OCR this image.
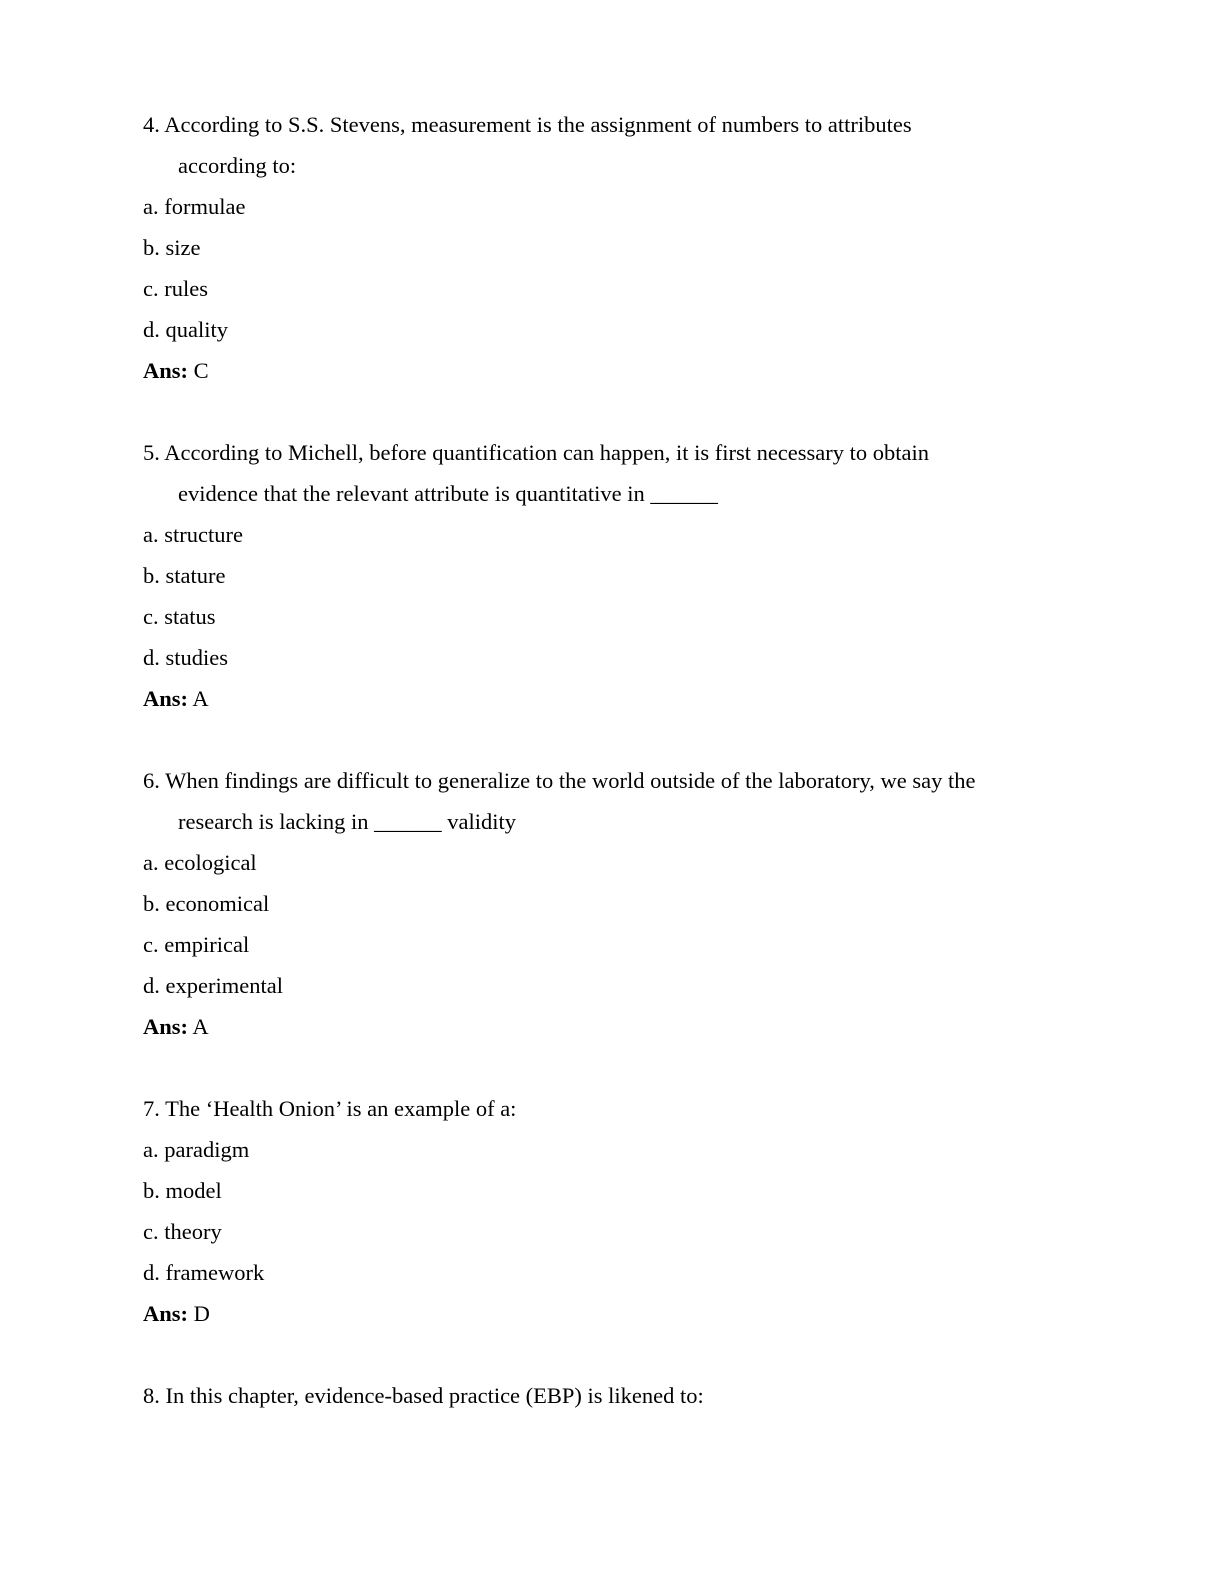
4. According to S.S. Stevens, measurement is the assignment of numbers to attributes
according to:
a. formulae
b. size
c. rules
d. quality
Ans: C
5. According to Michell, before quantification can happen, it is first necessary to obtain
evidence that the relevant attribute is quantitative in ______
a. structure
b. stature
c. status
d. studies
Ans: A
6. When findings are difficult to generalize to the world outside of the laboratory, we say the
research is lacking in ______ validity
a. ecological
b. economical
c. empirical
d. experimental
Ans: A
7. The ‘Health Onion’ is an example of a:
a. paradigm
b. model
c. theory
d. framework
Ans: D
8. In this chapter, evidence-based practice (EBP) is likened to:
